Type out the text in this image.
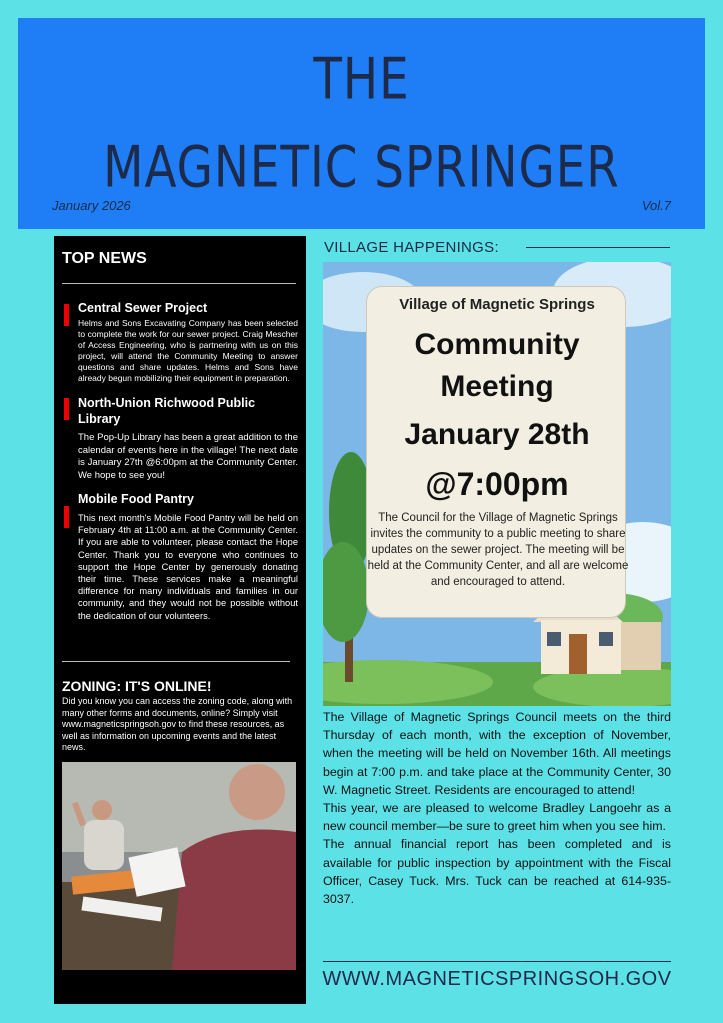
THE
MAGNETIC SPRINGER
January 2026	Vol.7
TOP NEWS
Central Sewer Project

Helms and Sons Excavating Company has been selected to complete the work for our sewer project. Craig Mescher of Access Engineering, who is partnering with us on this project, will attend the Community Meeting to answer questions and share updates. Helms and Sons have already begun mobilizing their equipment in preparation.

North-Union Richwood Public Library

The Pop-Up Library has been a great addition to the calendar of events here in the village! The next date is January 27th @6:00pm at the Community Center. We hope to see you!

Mobile Food Pantry

This next month's Mobile Food Pantry will be held on February 4th at 11:00 a.m. at the Community Center. If you are able to volunteer, please contact the Hope Center. Thank you to everyone who continues to support the Hope Center by generously donating their time. These services make a meaningful difference for many individuals and families in our community, and they would not be possible without the dedication of our volunteers.

ZONING: IT'S ONLINE!
Did you know you can access the zoning code, along with many other forms and documents, online? Simply visit www.magneticspringsoh.gov to find these resources, as well as information on upcoming events and the latest news.
VILLAGE HAPPENINGS:
Village of Magnetic Springs
Community
Meeting
January 28th
@7:00pm
The Council for the Village of Magnetic Springs invites the community to a public meeting to share updates on the sewer project. The meeting will be held at the Community Center, and all are welcome and encouraged to attend.

The Village of Magnetic Springs Council meets on the third Thursday of each month, with the exception of November, when the meeting will be held on November 16th. All meetings begin at 7:00 p.m. and take place at the Community Center, 30 W. Magnetic Street. Residents are encouraged to attend!

This year, we are pleased to welcome Bradley Langoehr as a new council member—be sure to greet him when you see him.

The annual financial report has been completed and is available for public inspection by appointment with the Fiscal Officer, Casey Tuck. Mrs. Tuck can be reached at 614-935-3037.

WWW.MAGNETICSPRINGSOH.GOV
